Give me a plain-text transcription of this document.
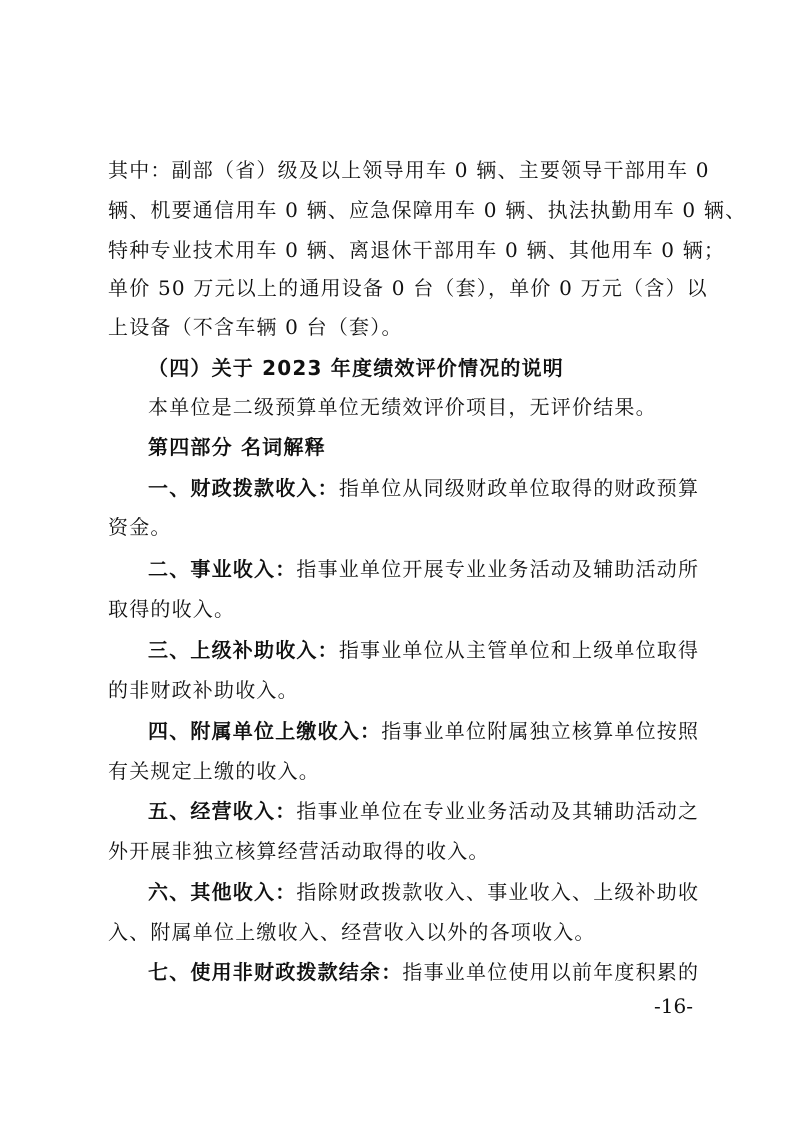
其中：副部（省）级及以上领导用车 0 辆、主要领导干部用车 0
辆、机要通信用车 0 辆、应急保障用车 0 辆、执法执勤用车 0 辆、
特种专业技术用车 0 辆、离退休干部用车 0 辆、其他用车 0 辆；
单价 50 万元以上的通用设备 0 台（套），单价 0 万元（含）以
上设备（不含车辆 0 台（套）。
（四）关于 2023 年度绩效评价情况的说明
本单位是二级预算单位无绩效评价项目，无评价结果。
第四部分 名词解释
一、财政拨款收入：指单位从同级财政单位取得的财政预算
资金。
二、事业收入：指事业单位开展专业业务活动及辅助活动所
取得的收入。
三、上级补助收入：指事业单位从主管单位和上级单位取得
的非财政补助收入。
四、附属单位上缴收入：指事业单位附属独立核算单位按照
有关规定上缴的收入。
五、经营收入：指事业单位在专业业务活动及其辅助活动之
外开展非独立核算经营活动取得的收入。
六、其他收入：指除财政拨款收入、事业收入、上级补助收
入、附属单位上缴收入、经营收入以外的各项收入。
七、使用非财政拨款结余：指事业单位使用以前年度积累的
-16-
